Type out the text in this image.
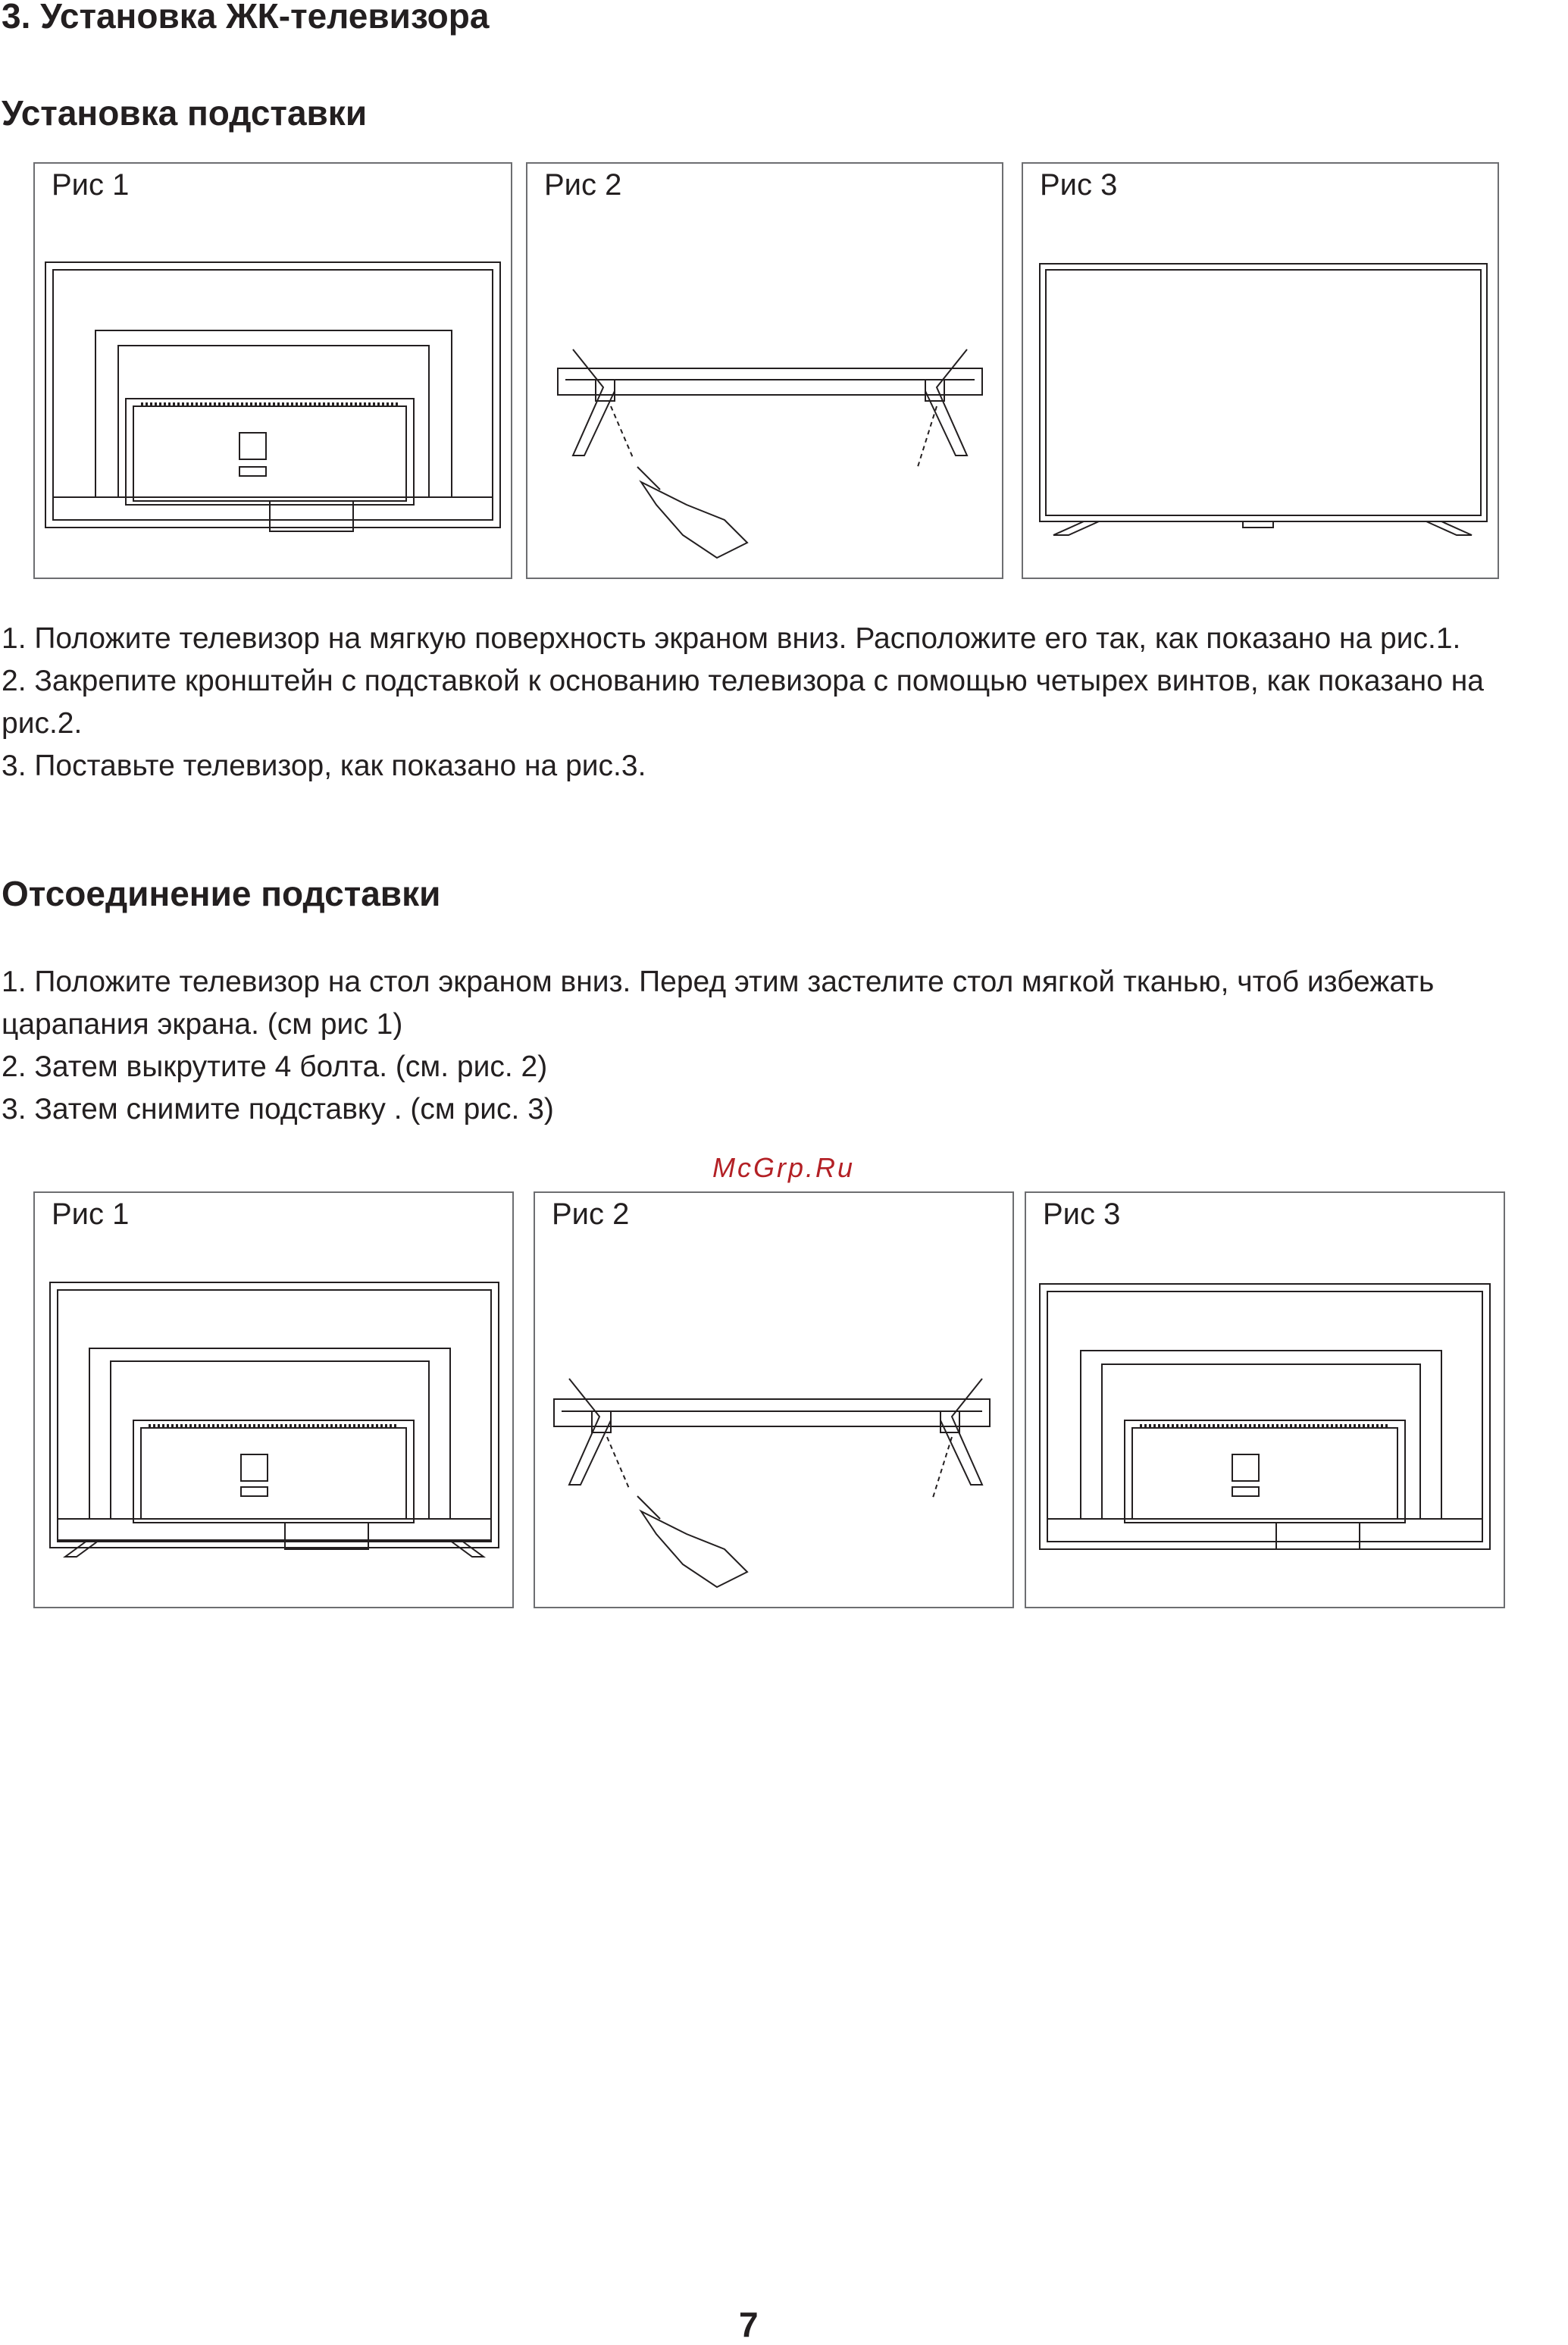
3. Установка ЖК-телевизора
Установка подставки
Рис 1	Рис 2	Рис 3

1. Положите телевизор на мягкую поверхность экраном вниз. Расположите его так, как показано на рис.1.

2. Закрепите кронштейн с подставкой к основанию телевизора с помощью четырех винтов, как показано на рис.2.

3. Поставьте телевизор, как показано на рис.3.

Отсоединение подставки

1. Положите телевизор на стол экраном вниз. Перед этим застелите стол мягкой тканью, чтоб избежать царапания экрана. (см рис 1)

2. Затем выкрутите 4 болта. (см. рис. 2)

3. Затем снимите подставку . (см рис. 3)

McGrp.Ru
Рис 1	Рис 2	Рис 3
7
